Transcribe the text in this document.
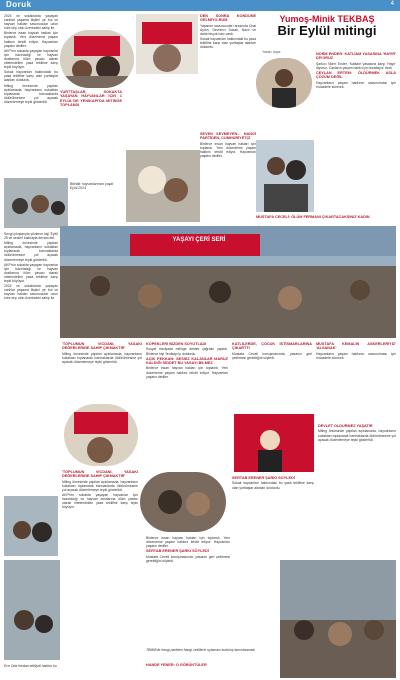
Doruk	4

2024 ve sokaklarda yaşayan canlılar yaşama ilişkin! ye bul ve hayvan haklan savunucular uzun süre dışı oldu üzerindeki sahip ile.

Binlerce insan hayvan hakları için toplandı. Yeni düzenleme yaşam hakkını tehdit ediyor. Hayvanları yaşatın dediler.

AKP'nin sokakta yaşayan hayvanlar için hazırladığı ve hayvan dostlarına ölüm yasası olarak nitelendirilen yasa teklifine karşı tepki büyüyor.

Sokak hayvanları hakkındaki bu yasa teklifine karşı olan yurttaşlar alanları doldurdu.

Miting öncesinde yapılan açıklamada, hayvanların sokaktan toplanarak barınaklarda öldürülmesine yol açacak düzenlemeye tepki gösterildi.

YURTTAŞLAR, SOKAKTA YAŞAYAN HAYVANLAR IÇIN 1 EYLÜL'DE YENIKAPI'DA MITINGE TOPLANDI

DEN SONRA KONDUNE GELMİYO-RUM

Yaşamın savunucuları arasında Ünal Aydın, Devrimci Sokak, Nazlı ve daha birçok isim vardı.

Sokak hayvanları hakkındaki bu yasa teklifine karşı olan yurttaşlar alanları doldurdu.

Yumoş-Minik TEKBAŞ
Bir Eylül mitingi
Yazan: Ayşe	NORM ENDER: KATLİAM YASASINA 'HAYIR' DİYORUZ

Şarkıcı Norm Ender, 'Katliam yasasına karşı 'Hayır' diyoruz. Canların yaşam hakkı için buradayız' dedi.

CEYLAN ERTEM: ÖLDÜRMEK ASLA ÇÖZÜM DEĞİL

Hayvanların yaşam hakkının savunulması için mücadele sürecek.

Bitirdik: hayvanlarımızı yaşat
Eylül 2024

SEVEN SEVMEYEN... HANGİ PARTİDEN, CUMHURİYETÇİ

Binlerce insan hayvan hakları için toplandı. Yeni düzenleme yaşam hakkını tehdit ediyor. Hayvanları yaşatın dediler.

MUSTAFA CECELİ: ÖLÜM FERMANI ÇIKARTACAKSINIZ KADIN
YAŞAYI ÇERİ SERİ

Sevgi çıkışlarıyla yüzlerce kişi 'Eylül 25 ve seslisi' kalmayla devam etti.

Miting öncesinde yapılan açıklamada, hayvanların sokaktan toplanarak barınaklarda öldürülmesine yol açacak düzenlemeye tepki gösterildi.

AKP'nin sokakta yaşayan hayvanlar için hazırladığı ve hayvan dostlarına ölüm yasası olarak nitelendirilen yasa teklifine karşı tepki büyüyor.

2024 ve sokaklarda yaşayan canlılar yaşama ilişkin! ye bul ve hayvan haklan savunucular uzun süre dışı oldu üzerindeki sahip ile.

'TOPLUMUN VICDANI, YASAKI DEĞERLERINE SAHIP ÇIKMAKTIR'

Miting öncesinde yapılan açıklamada, hayvanların sokaktan toplanarak barınaklarda öldürülmesine yol açacak düzenlemeye tepki gösterildi.

KÖPEKLERI BIZDEN SOYUTLADI

Sosyal medyada mitinge destek çağrıları yapıldı. Binlerce kişi Yenikapı'yı doldurdu.

AÇIK PEKKAN: SESSİZ KALANLAR MARUZ KALDIĞI SİDDET BU YASAYI BİLMEZ

Binlerce insan hayvan hakları için toplandı. Yeni düzenleme yaşam hakkını tehdit ediyor. Hayvanları yaşatın dediler.

KATLİLERDE, ÇOCUK İSTİSMARLARINA ÇIKARTTI

Mustafa Ceceli konuşmasında, yasanın geri çekilmesi gerektiğini söyledi.

MUSTAFA KEMALİN ASKERLERİYİZ' 'ALSANAK'

Hayvanların yaşam hakkının savunulması için mücadele sürecek.

DEVLET ÖLDÜRMEZ YAŞATIR

Miting öncesinde yapılan açıklamada, hayvanların sokaktan toplanarak barınaklarda öldürülmesine yol açacak düzenlemeye tepki gösterildi.

'TOPLUMUN VICDANI, YASAKI DEĞERLERINE SAHIP ÇIKMAKTIR'

Miting öncesinde yapılan açıklamada, hayvanların sokaktan toplanarak barınaklarda öldürülmesine yol açacak düzenlemeye tepki gösterildi.

AKP'nin sokakta yaşayan hayvanlar için hazırladığı ve hayvan dostlarına ölüm yasası olarak nitelendirilen yasa teklifine karşı tepki büyüyor.

SERTAB ERENER ŞARKI SÖYLEDİ

Sokak hayvanları hakkındaki bu yasa teklifine karşı olan yurttaşlar alanları doldurdu.

Binlerce insan hayvan hakları için toplandı. Yeni düzenleme yaşam hakkını tehdit ediyor. Hayvanları yaşatın dediler.

SERTAB ERENER ŞARKI SÖYLEDİ

Mustafa Ceceli konuşmasında, yasanın geri çekilmesi gerektiğini söyledi.

TBMM'de hangi partiden hangi vekillerin oylaması kurtuluş tanımlanmadı
HANDE YENER: O GÖRÜNTÜLER
Ece Oda fırtıdan etkiliydi hatıbın bu
